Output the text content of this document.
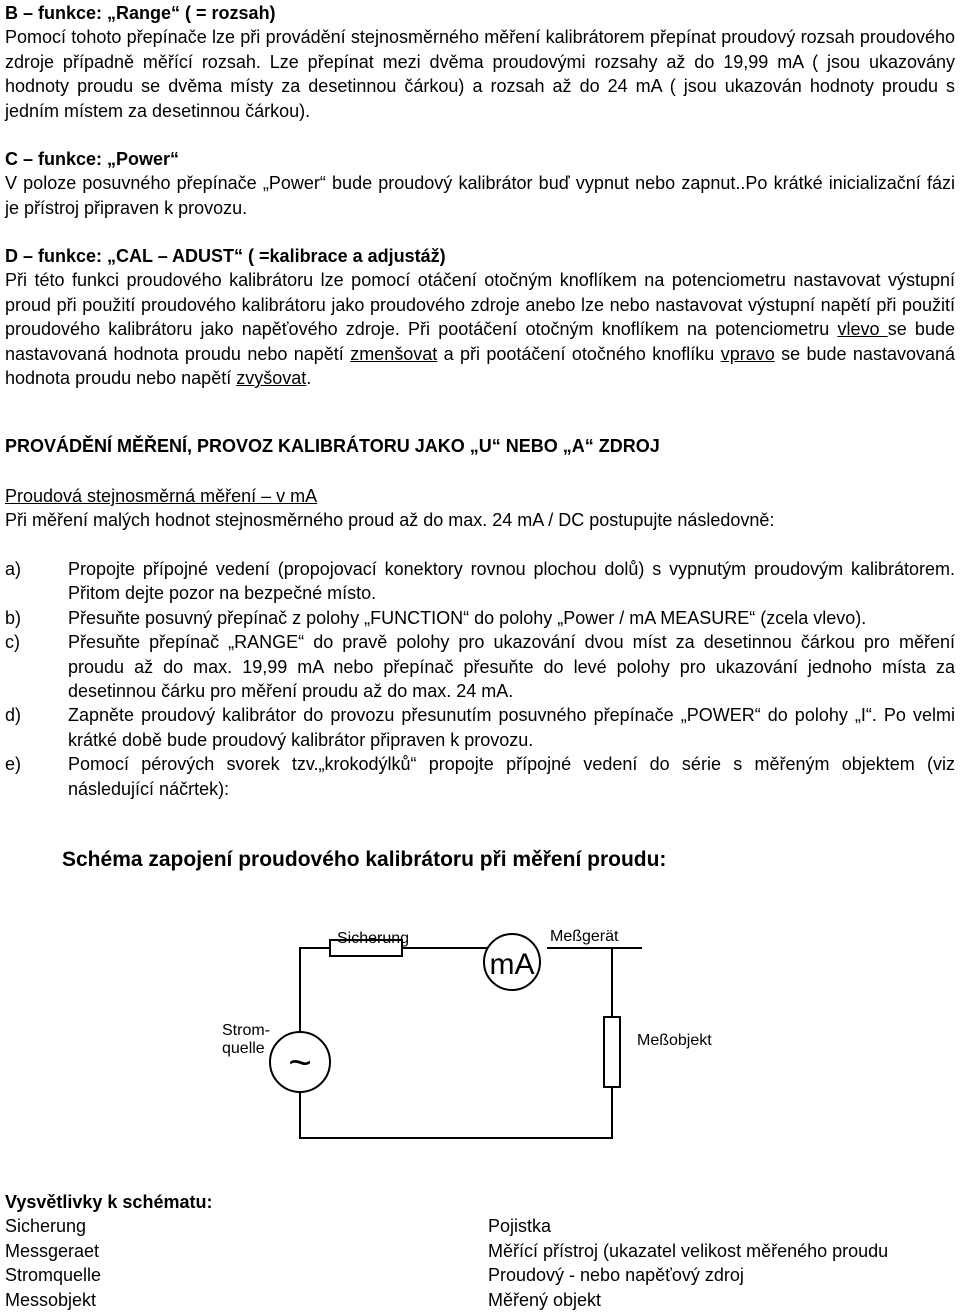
B – funkce: „Range“ ( = rozsah)

Pomocí tohoto přepínače lze při provádění stejnosměrného měření kalibrátorem přepínat proudový rozsah proudového zdroje případně měřící rozsah. Lze přepínat mezi dvěma proudovými rozsahy až do 19,99 mA ( jsou ukazovány hodnoty proudu se dvěma místy za desetinnou čárkou) a rozsah až do 24 mA ( jsou ukazován hodnoty proudu s jedním místem za desetinnou čárkou).

C – funkce: „Power“

V poloze posuvného přepínače „Power“ bude proudový kalibrátor buď vypnut nebo zapnut..Po krátké inicializační fázi je přístroj připraven k provozu.

D – funkce: „CAL – ADUST“ ( =kalibrace a adjustáž)

Při této funkci proudového kalibrátoru lze pomocí otáčení otočným knoflíkem na potenciometru nastavovat výstupní proud při použití proudového kalibrátoru jako proudového zdroje anebo lze nebo nastavovat výstupní napětí při použití proudového kalibrátoru jako napěťového zdroje. Při pootáčení otočným knoflíkem na potenciometru vlevo se bude nastavovaná hodnota proudu nebo napětí zmenšovat a při pootáčení otočného knoflíku vpravo se bude nastavovaná hodnota proudu nebo napětí zvyšovat.

PROVÁDĚNÍ MĚŘENÍ, PROVOZ KALIBRÁTORU JAKO „U“ NEBO „A“ ZDROJ

Proudová stejnosměrná měření – v mA

Při měření malých hodnot stejnosměrného proud až do max. 24 mA / DC postupujte následovně:

a)	Propojte přípojné vedení (propojovací konektory rovnou plochou dolů) s vypnutým proudovým kalibrátorem. Přitom dejte pozor na bezpečné místo.
b)	Přesuňte posuvný přepínač z polohy „FUNCTION“ do polohy „Power / mA MEASURE“ (zcela vlevo).
c)	Přesuňte přepínač „RANGE“ do pravě polohy pro ukazování dvou míst za desetinnou čárkou pro měření proudu až do max. 19,99 mA nebo přepínač přesuňte do levé polohy pro ukazování jednoho místa za desetinnou čárku pro měření proudu až do max. 24 mA.
d)	Zapněte proudový kalibrátor do provozu přesunutím posuvného přepínače „POWER“ do polohy „I“. Po velmi krátké době bude proudový kalibrátor připraven k provozu.
e)	Pomocí pérových svorek tzv.„krokodýlků“ propojte přípojné vedení do série s měřeným objektem (viz následující náčrtek):
Schéma zapojení proudového kalibrátoru při měření proudu:
Sicherung
mA
Meßgerät
~
Strom-
quelle	Meßobjekt

Vysvětlivky k schématu:

Sicherung	Pojistka
Messgeraet	Měřící přístroj (ukazatel velikost měřeného proudu
Stromquelle	Proudový - nebo napěťový zdroj
Messobjekt	Měřený objekt
